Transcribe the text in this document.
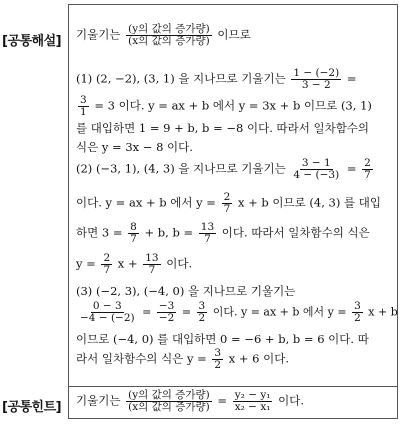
[공통해설]
[공통힌트]
기울기는 $\frac{\text{(y의 값의 증가량)}}{\text{(x의 값의 증가량)}}$ 이므로
(1) (2, −2), (3, 1) 을 지나므로 기울기는 $\frac{1 - (-2)}{3 - 2}$ =
$\frac{3}{1} = 3$ 이다. y = ax + b 에서 y = 3x + b 이므로 (3, 1)
를 대입하면 1 = 9 + b, b = −8 이다. 따라서 일차함수의
식은 y = 3x − 8 이다.
(2) (−3, 1), (4, 3) 을 지나므로 기울기는 $\frac{3 - 1}{4 - (-3)} = \frac{2}{7}$
이다. y = ax + b 에서 $y = \frac{2}{7}$ x + b 이므로 (4, 3) 를 대입
하면 $3 = \frac{8}{7} + b$, $b = \frac{13}{7}$ 이다. 따라서 일차함수의 식은
$y = \frac{2}{7}$ $x + \frac{13}{7}$ 이다.
(3) (−2, 3), (−4, 0) 을 지나므로 기울기는
$\frac{0 - 3}{-4 - (-2)} = \frac{-3}{-2} = \frac{3}{2}$ 이다. y = ax + b 에서 $y = \frac{3}{2}$ x + b
이므로 (−4, 0) 를 대입하면 0 = −6 + b, b = 6 이다. 따
라서 일차함수의 식은 $y = \frac{3}{2}$ x + 6 이다.
기울기는 $\frac{\text{(y의 값의 증가량)}}{\text{(x의 값의 증가량)}} = \frac{\text{y₂ − y₁}}{\text{x₂ − x₁}}$ 이다.
